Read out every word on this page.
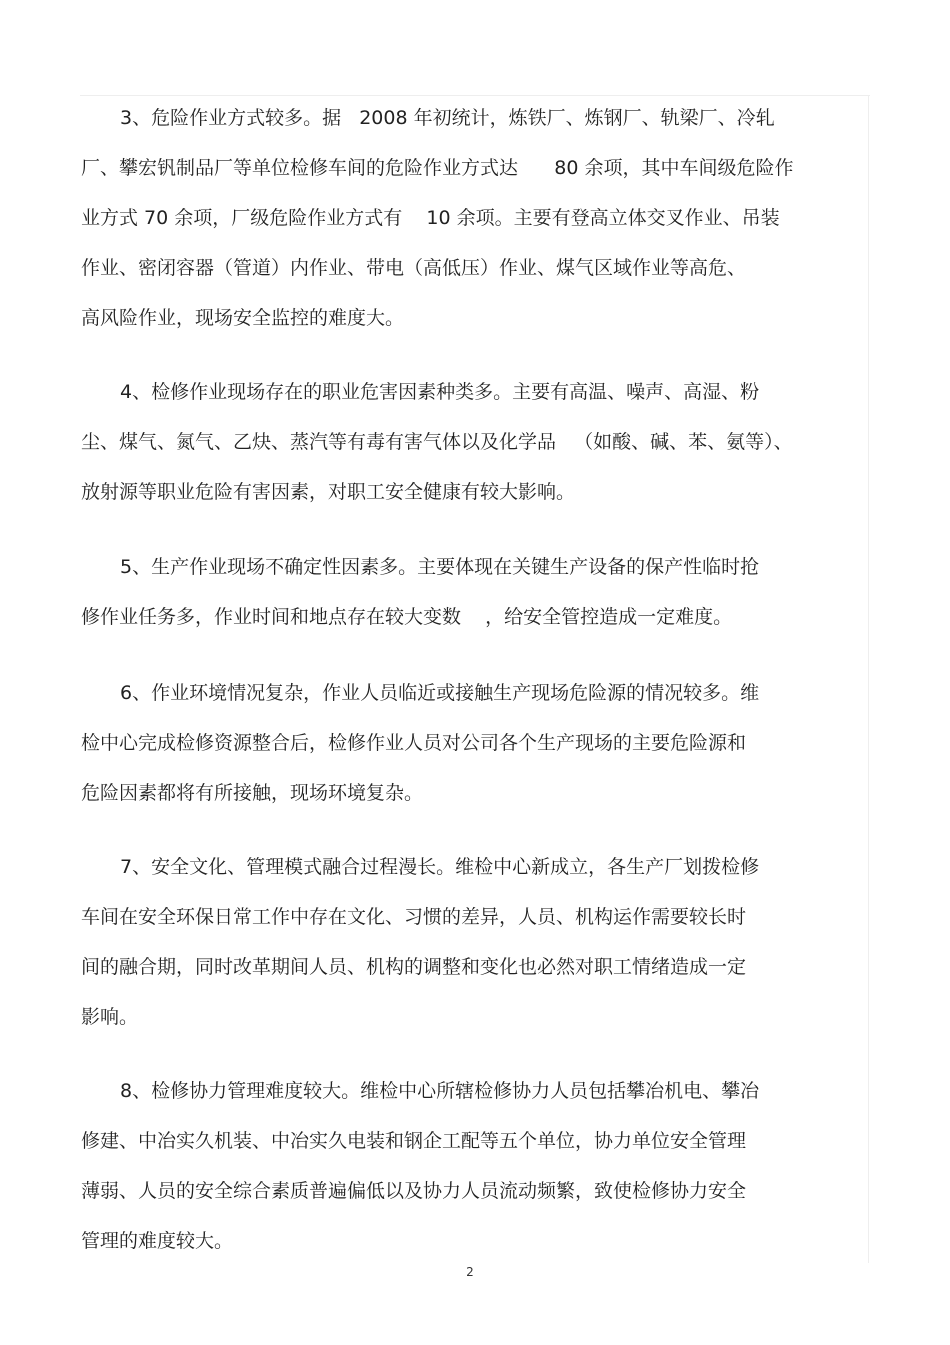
3、危险作业方式较多。据   2008 年初统计，炼铁厂、炼钢厂、轨梁厂、冷轧
厂、攀宏钒制品厂等单位检修车间的危险作业方式达      80 余项，其中车间级危险作
业方式 70 余项，厂级危险作业方式有    10 余项。主要有登高立体交叉作业、吊装
作业、密闭容器（管道）内作业、带电（高低压）作业、煤气区域作业等高危、
高风险作业，现场安全监控的难度大。
4、检修作业现场存在的职业危害因素种类多。主要有高温、噪声、高湿、粉
尘、煤气、氮气、乙炔、蒸汽等有毒有害气体以及化学品   （如酸、碱、苯、氨等）、
放射源等职业危险有害因素，对职工安全健康有较大影响。
5、生产作业现场不确定性因素多。主要体现在关键生产设备的保产性临时抢
修作业任务多，作业时间和地点存在较大变数    ，给安全管控造成一定难度。
6、作业环境情况复杂，作业人员临近或接触生产现场危险源的情况较多。维
检中心完成检修资源整合后，检修作业人员对公司各个生产现场的主要危险源和
危险因素都将有所接触，现场环境复杂。
7、安全文化、管理模式融合过程漫长。维检中心新成立，各生产厂划拨检修
车间在安全环保日常工作中存在文化、习惯的差异，人员、机构运作需要较长时
间的融合期，同时改革期间人员、机构的调整和变化也必然对职工情绪造成一定
影响。
8、检修协力管理难度较大。维检中心所辖检修协力人员包括攀冶机电、攀冶
修建、中冶实久机装、中冶实久电装和钢企工配等五个单位，协力单位安全管理
薄弱、人员的安全综合素质普遍偏低以及协力人员流动频繁，致使检修协力安全
管理的难度较大。
2
